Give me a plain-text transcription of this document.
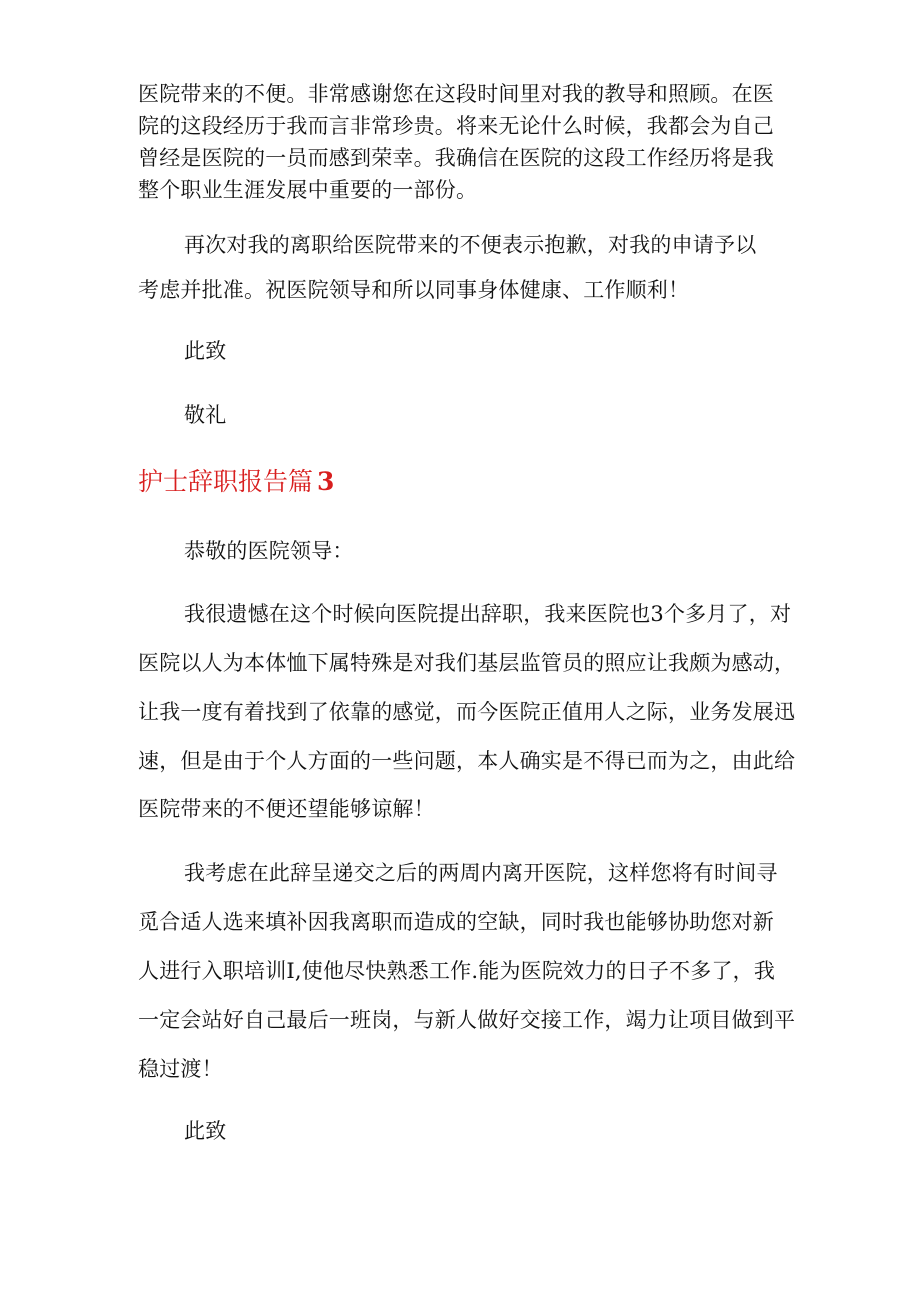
医院带来的不便。非常感谢您在这段时间里对我的教导和照顾。在医
院的这段经历于我而言非常珍贵。将来无论什么时候，我都会为自己
曾经是医院的一员而感到荣幸。我确信在医院的这段工作经历将是我
整个职业生涯发展中重要的一部份。
再次对我的离职给医院带来的不便表示抱歉，对我的申请予以
考虑并批准。祝医院领导和所以同事身体健康、工作顺利！
此致
敬礼
护士辞职报告篇 3
恭敬的医院领导：
我很遗憾在这个时候向医院提出辞职，我来医院也3个多月了，对
医院以人为本体恤下属特殊是对我们基层监管员的照应让我颇为感动，
让我一度有着找到了依靠的感觉，而今医院正值用人之际，业务发展迅
速，但是由于个人方面的一些问题，本人确实是不得已而为之，由此给
医院带来的不便还望能够谅解！
我考虑在此辞呈递交之后的两周内离开医院，这样您将有时间寻
觅合适人选来填补因我离职而造成的空缺，同时我也能够协助您对新
人进行入职培训I,使他尽快熟悉工作.能为医院效力的日子不多了，我
一定会站好自己最后一班岗，与新人做好交接工作，竭力让项目做到平
稳过渡！
此致
